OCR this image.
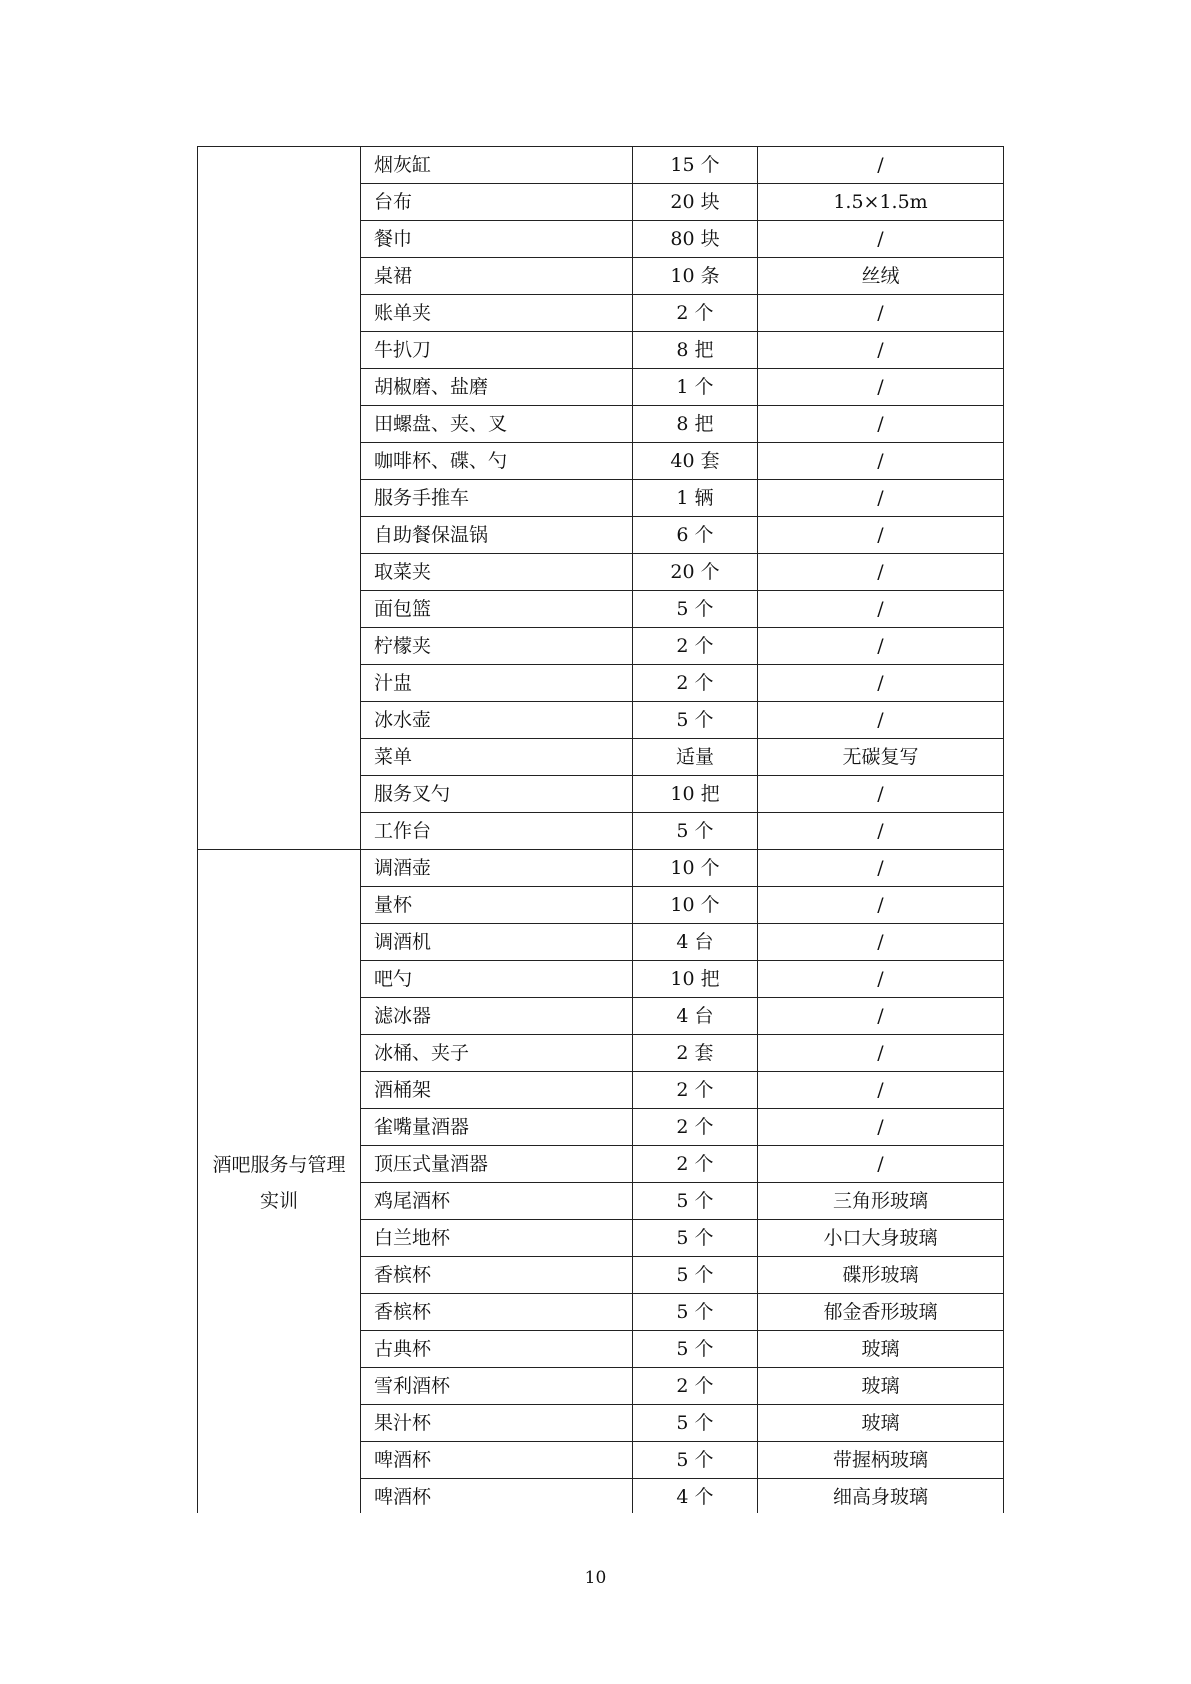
	烟灰缸	15 个	/
	台布	20 块	1.5×1.5m
	餐巾	80 块	/
	桌裙	10 条	丝绒
	账单夹	2 个	/
	牛扒刀	8 把	/
	胡椒磨、盐磨	1 个	/
	田螺盘、夹、叉	8 把	/
	咖啡杯、碟、勺	40 套	/
	服务手推车	1 辆	/
	自助餐保温锅	6 个	/
	取菜夹	20 个	/
	面包篮	5 个	/
	柠檬夹	2 个	/
	汁盅	2 个	/
	冰水壶	5 个	/
	菜单	适量	无碳复写
	服务叉勺	10 把	/
	工作台	5 个	/
酒吧服务与管理实训	调酒壶	10 个	/
	量杯	10 个	/
	调酒机	4 台	/
	吧勺	10 把	/
	滤冰器	4 台	/
	冰桶、夹子	2 套	/
	酒桶架	2 个	/
	雀嘴量酒器	2 个	/
	顶压式量酒器	2 个	/
	鸡尾酒杯	5 个	三角形玻璃
	白兰地杯	5 个	小口大身玻璃
	香槟杯	5 个	碟形玻璃
	香槟杯	5 个	郁金香形玻璃
	古典杯	5 个	玻璃
	雪利酒杯	2 个	玻璃
	果汁杯	5 个	玻璃
	啤酒杯	5 个	带握柄玻璃
	啤酒杯	4 个	细高身玻璃
10
